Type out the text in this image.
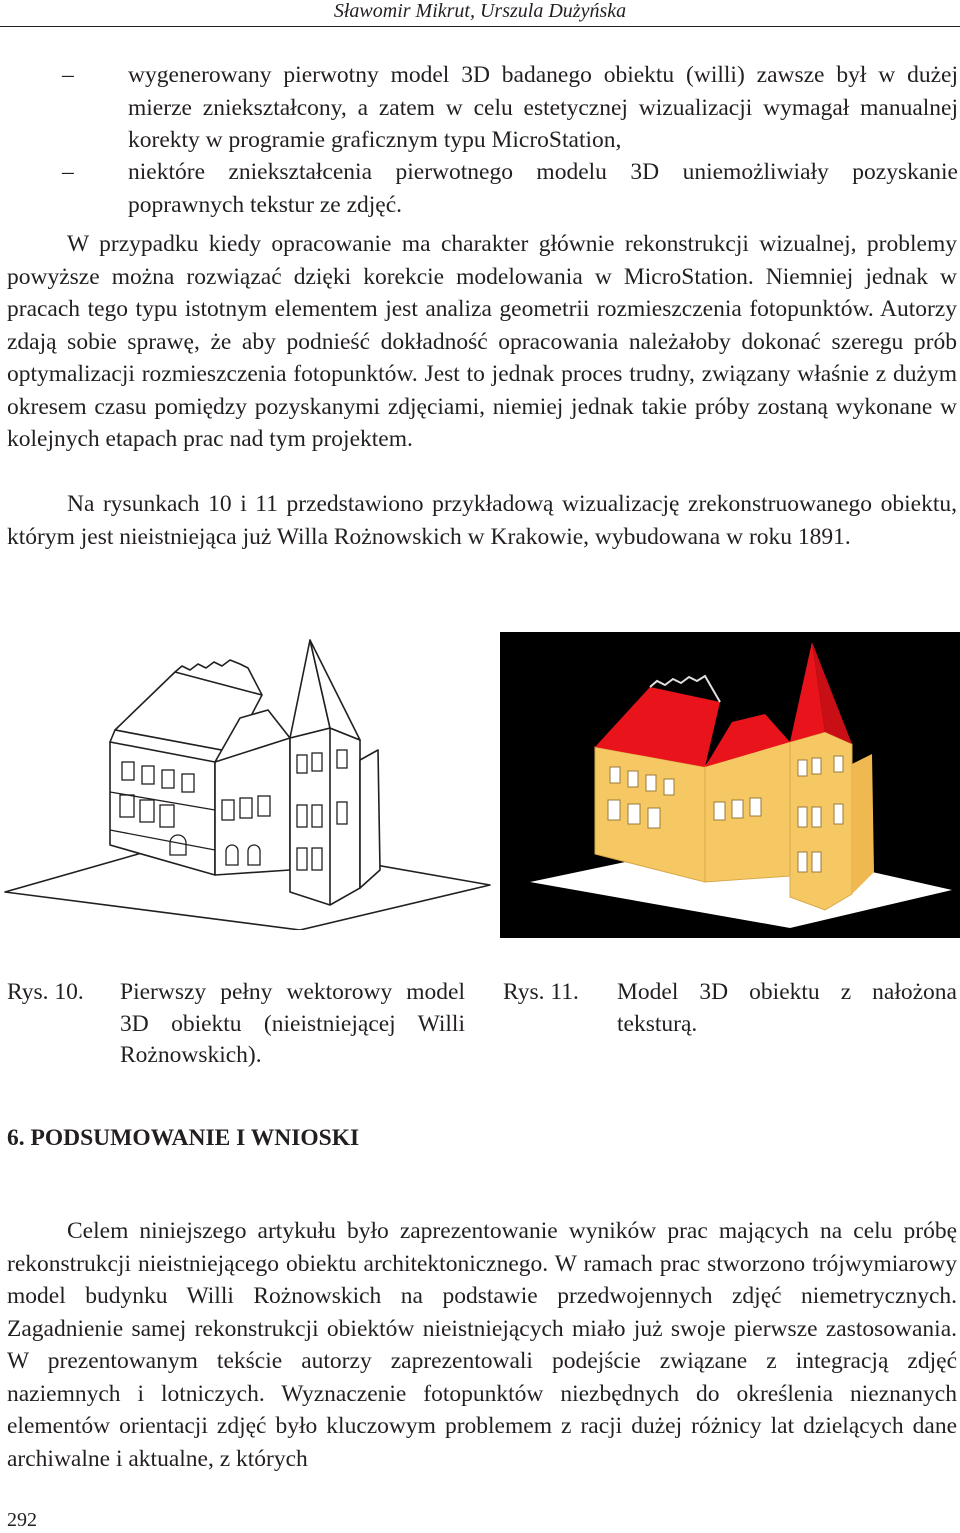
Sławomir Mikrut, Urszula Dużyńska
– wygenerowany pierwotny model 3D badanego obiektu (willi) zawsze był w dużej mierze zniekształcony, a zatem w celu estetycznej wizualizacji wymagał manualnej korekty w programie graficznym typu MicroStation,

– niektóre zniekształcenia pierwotnego modelu 3D uniemożliwiały pozyskanie poprawnych tekstur ze zdjęć.

W przypadku kiedy opracowanie ma charakter głównie rekonstrukcji wizualnej, problemy powyższe można rozwiązać dzięki korekcie modelowania w MicroStation. Niemniej jednak w pracach tego typu istotnym elementem jest analiza geometrii rozmieszczenia fotopunktów. Autorzy zdają sobie sprawę, że aby podnieść dokładność opracowania należałoby dokonać szeregu prób optymalizacji rozmieszczenia fotopunktów. Jest to jednak proces trudny, związany właśnie z dużym okresem czasu pomiędzy pozyskanymi zdjęciami, niemiej jednak takie próby zostaną wykonane w kolejnych etapach prac nad tym projektem.

Na rysunkach 10 i 11 przedstawiono przykładową wizualizację zrekonstruowanego obiektu, którym jest nieistniejąca już Willa Rożnowskich w Krakowie, wybudowana w roku 1891.

Rys. 10.	Pierwszy pełny wektorowy model 3D obiektu (nieistniejącej Willi Rożnowskich).
Rys. 11.	Model 3D obiektu z nałożona teksturą.
6. PODSUMOWANIE I WNIOSKI

Celem niniejszego artykułu było zaprezentowanie wyników prac mających na celu próbę rekonstrukcji nieistniejącego obiektu architektonicznego. W ramach prac stworzono trójwymiarowy model budynku Willi Rożnowskich na podstawie przedwojennych zdjęć niemetrycznych. Zagadnienie samej rekonstrukcji obiektów nieistniejących miało już swoje pierwsze zastosowania. W prezentowanym tekście autorzy zaprezentowali podejście związane z integracją zdjęć naziemnych i lotniczych. Wyznaczenie fotopunktów niezbędnych do określenia nieznanych elementów orientacji zdjęć było kluczowym problemem z racji dużej różnicy lat dzielących dane archiwalne i aktualne, z których

292
